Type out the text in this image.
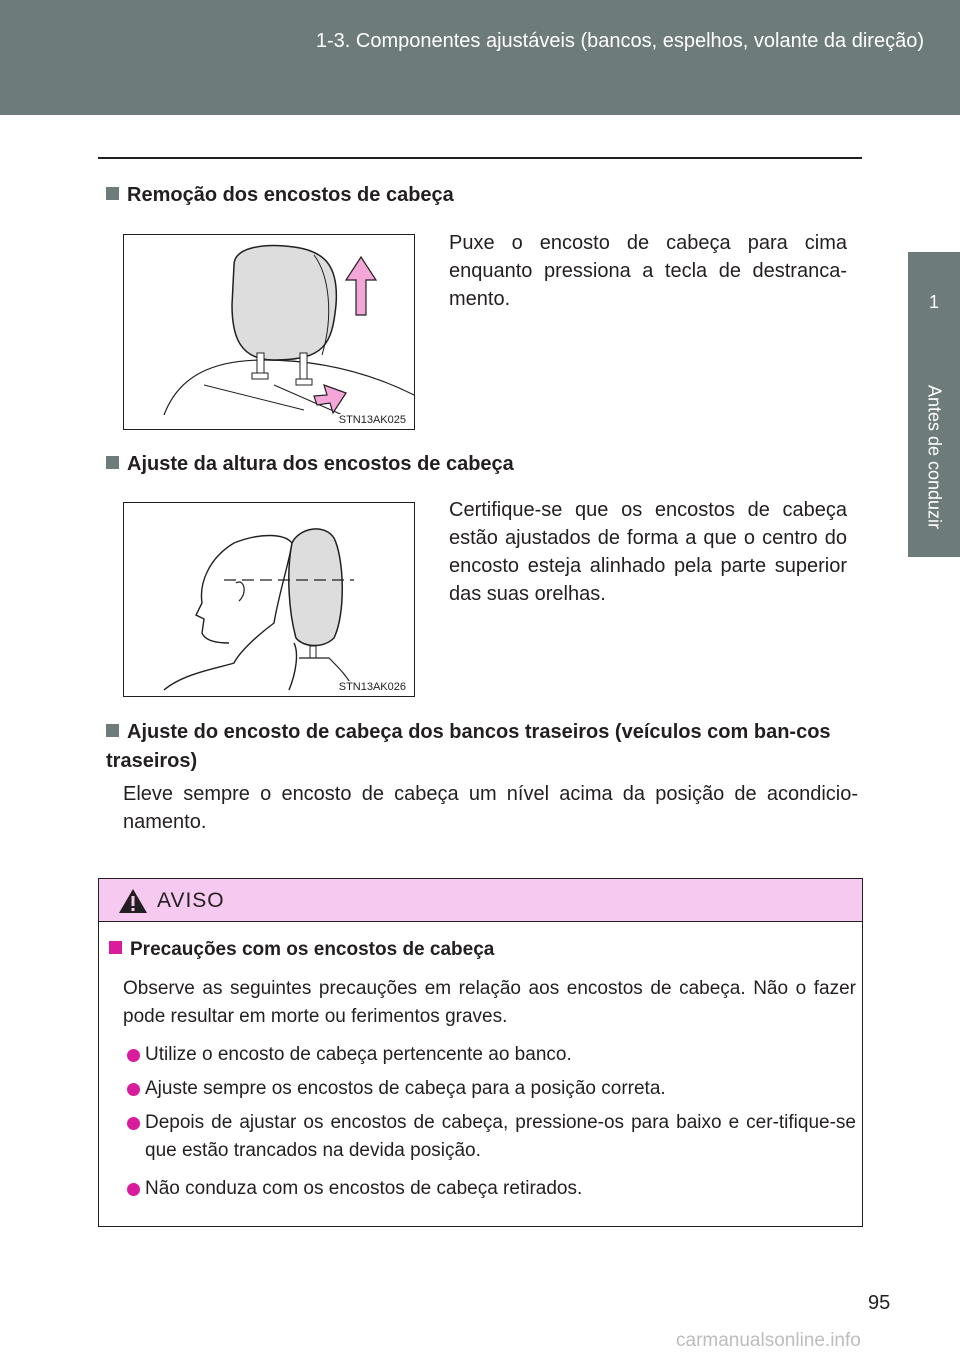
1-3. Componentes ajustáveis (bancos, espelhos, volante da direção)
1
Antes de conduzir
Remoção dos encostos de cabeça
STN13AK025
Puxe o encosto de cabeça para cima enquanto pressiona a tecla de destranca-mento.
Ajuste da altura dos encostos de cabeça
STN13AK026
Certifique-se que os encostos de cabeça estão ajustados de forma a que o centro do encosto esteja alinhado pela parte superior das suas orelhas.
Ajuste do encosto de cabeça dos bancos traseiros (veículos com ban-cos traseiros)
Eleve sempre o encosto de cabeça um nível acima da posição de acondicio-namento.
AVISO
Precauções com os encostos de cabeça
Observe as seguintes precauções em relação aos encostos de cabeça. Não o fazer pode resultar em morte ou ferimentos graves.
Utilize o encosto de cabeça pertencente ao banco.
Ajuste sempre os encostos de cabeça para a posição correta.
Depois de ajustar os encostos de cabeça, pressione-os para baixo e cer-tifique-se que estão trancados na devida posição.
Não conduza com os encostos de cabeça retirados.
95
carmanualsonline.info
